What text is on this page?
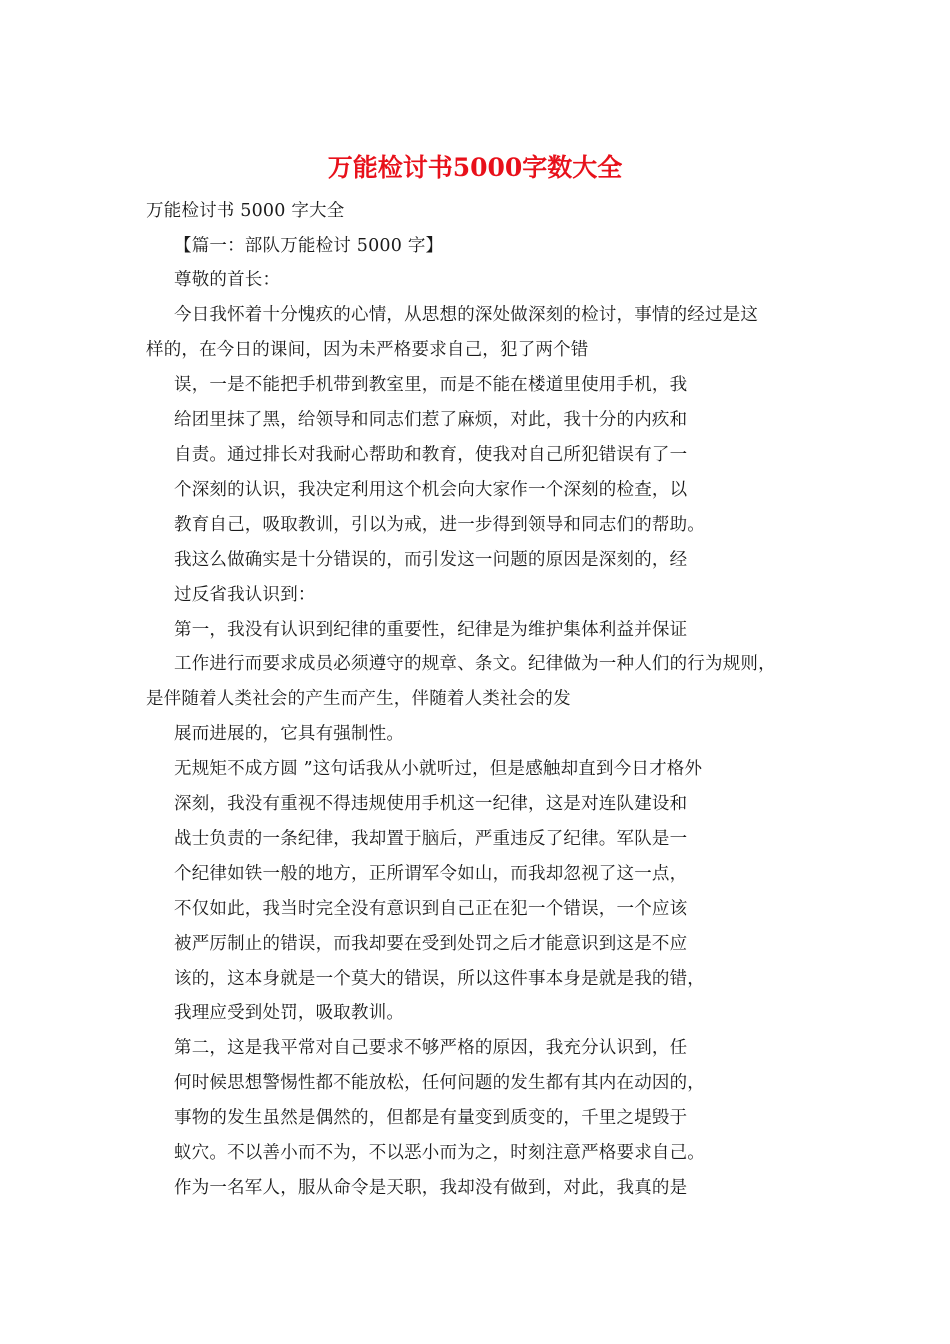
万能检讨书5000字数大全
万能检讨书 5000 字大全
【篇一：部队万能检讨 5000 字】
尊敬的首长：
今日我怀着十分愧疚的心情，从思想的深处做深刻的检讨，事情的经过是这
样的，在今日的课间，因为未严格要求自己，犯了两个错
误，一是不能把手机带到教室里，而是不能在楼道里使用手机，我
给团里抹了黑，给领导和同志们惹了麻烦，对此，我十分的内疚和
自责。通过排长对我耐心帮助和教育，使我对自己所犯错误有了一
个深刻的认识，我决定利用这个机会向大家作一个深刻的检查，以
教育自己，吸取教训，引以为戒，进一步得到领导和同志们的帮助。
我这么做确实是十分错误的，而引发这一问题的原因是深刻的，经
过反省我认识到：
第一，我没有认识到纪律的重要性，纪律是为维护集体利益并保证
工作进行而要求成员必须遵守的规章、条文。纪律做为一种人们的行为规则，
是伴随着人类社会的产生而产生，伴随着人类社会的发
展而进展的，它具有强制性。
无规矩不成方圆 ”这句话我从小就听过，但是感触却直到今日才格外
深刻，我没有重视不得违规使用手机这一纪律，这是对连队建设和
战士负责的一条纪律，我却置于脑后，严重违反了纪律。军队是一
个纪律如铁一般的地方，正所谓军令如山，而我却忽视了这一点，
不仅如此，我当时完全没有意识到自己正在犯一个错误，一个应该
被严厉制止的错误，而我却要在受到处罚之后才能意识到这是不应
该的，这本身就是一个莫大的错误，所以这件事本身是就是我的错，
我理应受到处罚，吸取教训。
第二，这是我平常对自己要求不够严格的原因，我充分认识到，任
何时候思想警惕性都不能放松，任何问题的发生都有其内在动因的，
事物的发生虽然是偶然的，但都是有量变到质变的，千里之堤毁于
蚁穴。不以善小而不为，不以恶小而为之，时刻注意严格要求自己。
作为一名军人，服从命令是天职，我却没有做到，对此，我真的是
